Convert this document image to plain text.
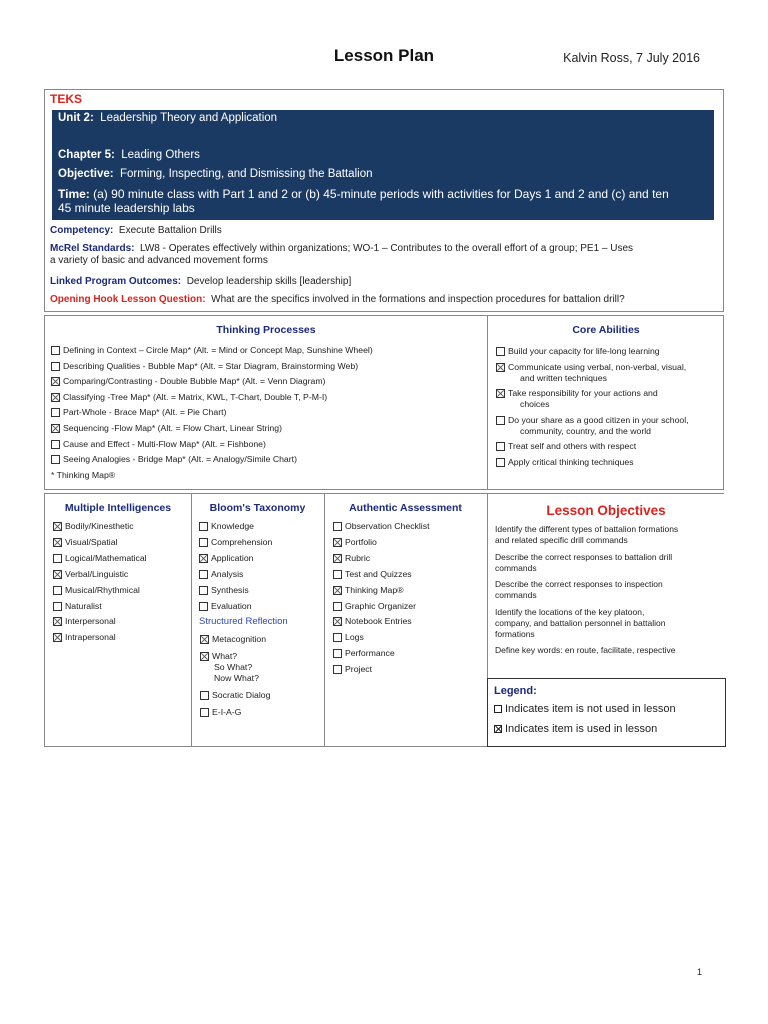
Lesson Plan	Kalvin Ross, 7 July 2016
TEKS
Unit 2: Leadership Theory and Application
Chapter 5: Leading Others
Objective: Forming, Inspecting, and Dismissing the Battalion
Time: (a) 90 minute class with Part 1 and 2 or (b) 45-minute periods with activities for Days 1 and 2 and (c) and ten
45 minute leadership labs
Competency: Execute Battalion Drills
McRel Standards: LW8 - Operates effectively within organizations; WO-1 – Contributes to the overall effort of a group; PE1 – Uses
a variety of basic and advanced movement forms
Linked Program Outcomes: Develop leadership skills [leadership]
Opening Hook Lesson Question: What are the specifics involved in the formations and inspection procedures for battalion drill?
Thinking Processes	Core Abilities
Defining in Context – Circle Map* (Alt. = Mind or Concept Map, Sunshine Wheel)
Describing Qualities - Bubble Map* (Alt. = Star Diagram, Brainstorming Web)
Comparing/Contrasting - Double Bubble Map* (Alt. = Venn Diagram)
Classifying -Tree Map* (Alt. = Matrix, KWL, T-Chart, Double T, P-M-I)
Part-Whole - Brace Map* (Alt. = Pie Chart)
Sequencing -Flow Map* (Alt. = Flow Chart, Linear String)
Cause and Effect - Multi-Flow Map* (Alt. = Fishbone)
Seeing Analogies - Bridge Map* (Alt. = Analogy/Simile Chart)
* Thinking Map®
Build your capacity for life-long learning
Communicate using verbal, non-verbal, visual,
and written techniques
Take responsibility for your actions and
choices
Do your share as a good citizen in your school,
community, country, and the world
Treat self and others with respect
Apply critical thinking techniques
Multiple Intelligences	Bloom's Taxonomy	Authentic Assessment
Bodily/Kinesthetic
Visual/Spatial
Logical/Mathematical
Verbal/Linguistic
Musical/Rhythmical
Naturalist
Interpersonal
Intrapersonal
Knowledge
Comprehension
Application
Analysis
Synthesis
Evaluation
Structured Reflection
Metacognition
What?
So What?
Now What?
Socratic Dialog
E-I-A-G
Observation Checklist
Portfolio
Rubric
Test and Quizzes
Thinking Map®
Graphic Organizer
Notebook Entries
Logs
Performance
Project
Lesson Objectives
Identify the different types of battalion formations
and related specific drill commands
Describe the correct responses to battalion drill
commands
Describe the correct responses to inspection
commands
Identify the locations of the key platoon,
company, and battalion personnel in battalion
formations
Define key words: en route, facilitate, respective
Legend:
Indicates item is not used in lesson
Indicates item is used in lesson
1
